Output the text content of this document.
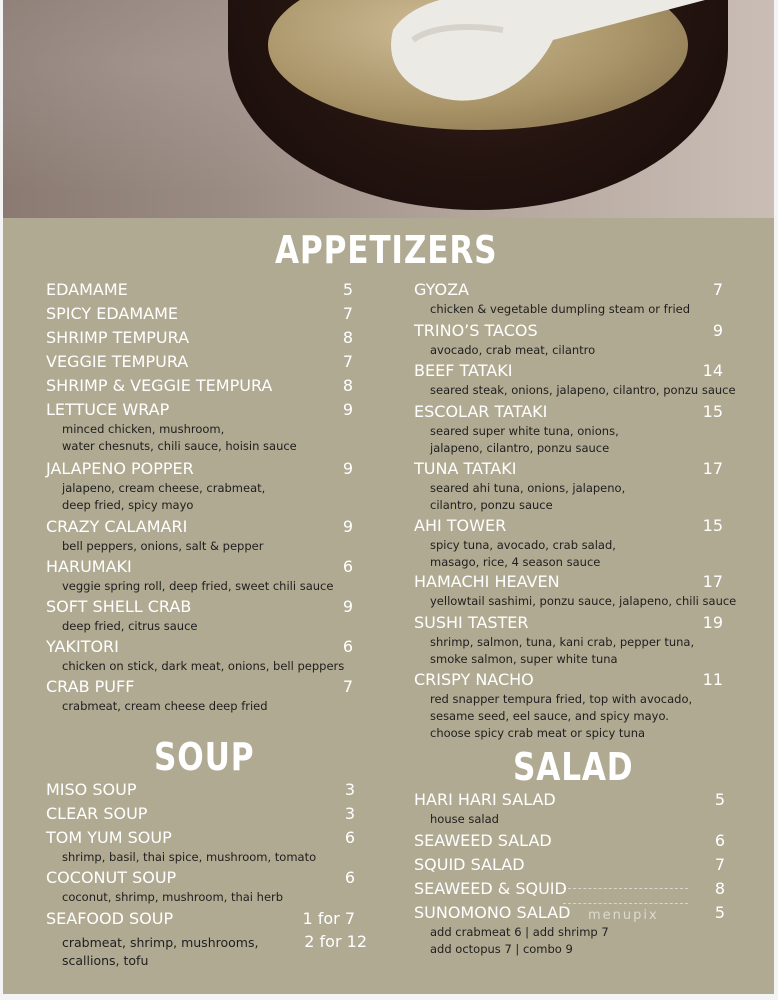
APPETIZERS
SOUP	SALAD
EDAMAME	5
SPICY EDAMAME	7
SHRIMP TEMPURA	8
VEGGIE TEMPURA	7
SHRIMP & VEGGIE TEMPURA	8
LETTUCE WRAP	9
minced chicken, mushroom,
water chesnuts, chili sauce, hoisin sauce
JALAPENO POPPER	9
jalapeno, cream cheese, crabmeat,
deep fried, spicy mayo
CRAZY CALAMARI	9
bell peppers, onions, salt & pepper
HARUMAKI	6
veggie spring roll, deep fried, sweet chili sauce
SOFT SHELL CRAB	9
deep fried, citrus sauce
YAKITORI	6
chicken on stick, dark meat, onions, bell peppers
CRAB PUFF	7
crabmeat, cream cheese deep fried
GYOZA	7
chicken & vegetable dumpling steam or fried
TRINO’S TACOS	9
avocado, crab meat, cilantro
BEEF TATAKI	14
seared steak, onions, jalapeno, cilantro, ponzu sauce
ESCOLAR TATAKI	15
seared super white tuna, onions,
jalapeno, cilantro, ponzu sauce
TUNA TATAKI	17
seared ahi tuna, onions, jalapeno,
cilantro, ponzu sauce
AHI TOWER	15
spicy tuna, avocado, crab salad,
masago, rice, 4 season sauce
HAMACHI HEAVEN	17
yellowtail sashimi, ponzu sauce, jalapeno, chili sauce
SUSHI TASTER	19
shrimp, salmon, tuna, kani crab, pepper tuna,
smoke salmon, super white tuna
CRISPY NACHO	11
red snapper tempura fried, top with avocado,
sesame seed, eel sauce, and spicy mayo.
choose spicy crab meat or spicy tuna
MISO SOUP	3
CLEAR SOUP	3
TOM YUM SOUP	6
shrimp, basil, thai spice, mushroom, tomato
COCONUT SOUP	6
coconut, shrimp, mushroom, thai herb
SEAFOOD SOUP	1 for 7
2 for 12
crabmeat, shrimp, mushrooms,
scallions, tofu
HARI HARI SALAD	5
house salad
SEAWEED SALAD	6
SQUID SALAD	7
SEAWEED & SQUID	8
SUNOMONO SALAD	5
add crabmeat 6 | add shrimp 7
add octopus 7 | combo 9
menupix
